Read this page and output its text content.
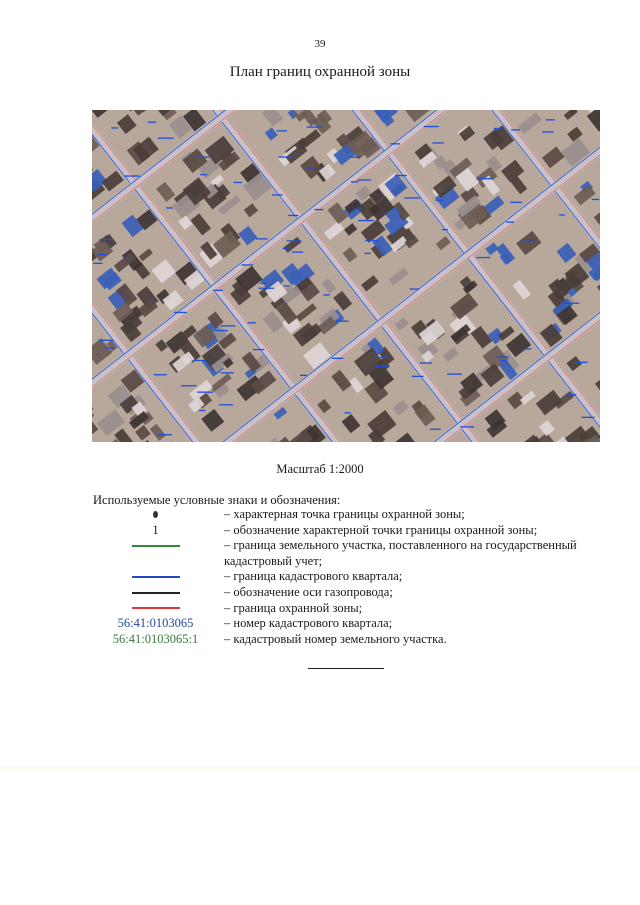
39
План границ охранной зоны
Масштаб 1:2000
Используемые условные знаки и обозначения:
– характерная точка границы охранной зоны;
1	– обозначение характерной точки границы охранной зоны;
– граница земельного участка, поставленного на государственный кадастровый учет;
– граница кадастрового квартала;
– обозначение оси газопровода;
– граница охранной зоны;
56:41:0103065	– номер кадастрового квартала;
56:41:0103065:1	– кадастровый номер земельного участка.
